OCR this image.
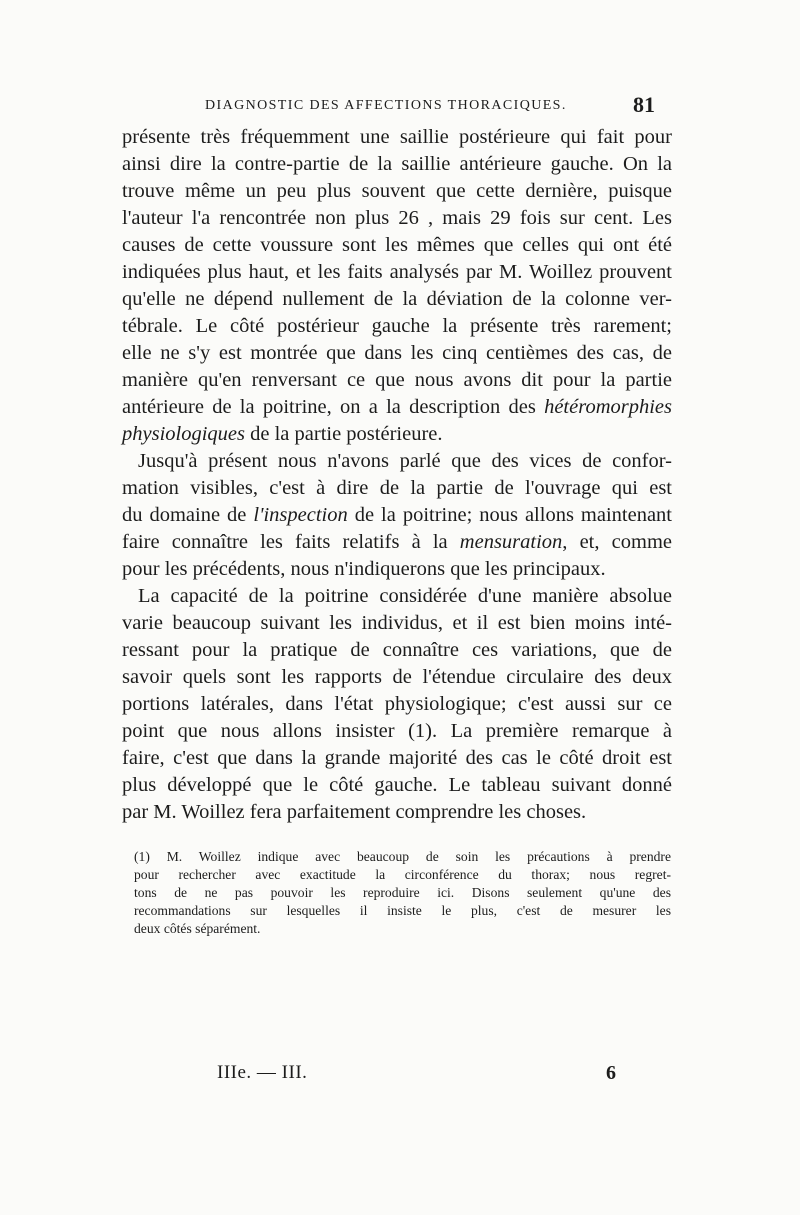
DIAGNOSTIC DES AFFECTIONS THORACIQUES.	81
présente très fréquemment une saillie postérieure qui fait pour
ainsi dire la contre-partie de la saillie antérieure gauche. On la
trouve même un peu plus souvent que cette dernière, puisque
l'auteur l'a rencontrée non plus 26 , mais 29 fois sur cent. Les
causes de cette voussure sont les mêmes que celles qui ont été
indiquées plus haut, et les faits analysés par M. Woillez prouvent
qu'elle ne dépend nullement de la déviation de la colonne ver-
tébrale. Le côté postérieur gauche la présente très rarement;
elle ne s'y est montrée que dans les cinq centièmes des cas, de
manière qu'en renversant ce que nous avons dit pour la partie
antérieure de la poitrine, on a la description des hétéromorphies
physiologiques de la partie postérieure.
Jusqu'à présent nous n'avons parlé que des vices de confor-
mation visibles, c'est à dire de la partie de l'ouvrage qui est
du domaine de l'inspection de la poitrine; nous allons maintenant
faire connaître les faits relatifs à la mensuration, et, comme
pour les précédents, nous n'indiquerons que les principaux.
La capacité de la poitrine considérée d'une manière absolue
varie beaucoup suivant les individus, et il est bien moins inté-
ressant pour la pratique de connaître ces variations, que de
savoir quels sont les rapports de l'étendue circulaire des deux
portions latérales, dans l'état physiologique; c'est aussi sur ce
point que nous allons insister (1). La première remarque à
faire, c'est que dans la grande majorité des cas le côté droit est
plus développé que le côté gauche. Le tableau suivant donné
par M. Woillez fera parfaitement comprendre les choses.
(1) M. Woillez indique avec beaucoup de soin les précautions à prendre
pour rechercher avec exactitude la circonférence du thorax; nous regret-
tons de ne pas pouvoir les reproduire ici. Disons seulement qu'une des
recommandations sur lesquelles il insiste le plus, c'est de mesurer les
deux côtés séparément.
IIIe. — III.	6
